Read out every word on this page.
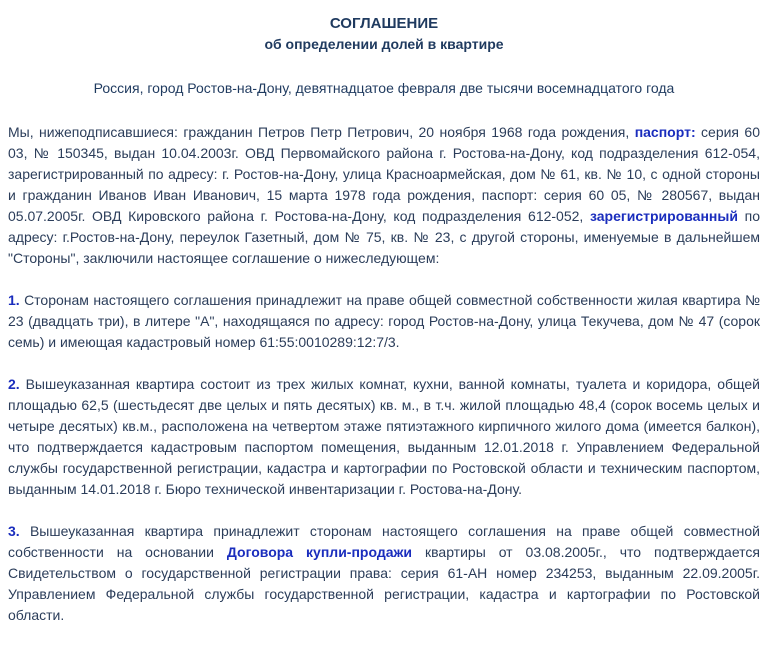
СОГЛАШЕНИЕ
об определении долей в квартире
Россия, город Ростов-на-Дону, девятнадцатое февраля две тысячи восемнадцатого года

Мы, нижеподписавшиеся: гражданин Петров Петр Петрович, 20 ноября 1968 года рождения, паспорт: серия 60 03, № 150345, выдан 10.04.2003г. ОВД Первомайского района г. Ростова-на-Дону, код подразделения 612-054, зарегистрированный по адресу: г. Ростов-на-Дону, улица Красноармейская, дом № 61, кв. № 10, с одной стороны и гражданин Иванов Иван Иванович, 15 марта 1978 года рождения, паспорт: серия 60 05, № 280567, выдан 05.07.2005г. ОВД Кировского района г. Ростова-на-Дону, код подразделения 612-052, зарегистрированный по адресу: г.Ростов-на-Дону, переулок Газетный, дом № 75, кв. № 23, с другой стороны, именуемые в дальнейшем "Стороны", заключили настоящее соглашение о нижеследующем:

1. Сторонам настоящего соглашения принадлежит на праве общей совместной собственности жилая квартира № 23 (двадцать три), в литере "А", находящаяся по адресу: город Ростов-на-Дону, улица Текучева, дом № 47 (сорок семь) и имеющая кадастровый номер 61:55:0010289:12:7/3.

2. Вышеуказанная квартира состоит из трех жилых комнат, кухни, ванной комнаты, туалета и коридора, общей площадью 62,5 (шестьдесят две целых и пять десятых) кв. м., в т.ч. жилой площадью 48,4 (сорок восемь целых и четыре десятых) кв.м., расположена на четвертом этаже пятиэтажного кирпичного жилого дома (имеется балкон), что подтверждается кадастровым паспортом помещения, выданным 12.01.2018 г. Управлением Федеральной службы государственной регистрации, кадастра и картографии по Ростовской области и техническим паспортом, выданным 14.01.2018 г. Бюро технической инвентаризации г. Ростова-на-Дону.

3. Вышеуказанная квартира принадлежит сторонам настоящего соглашения на праве общей совместной собственности на основании Договора купли-продажи квартиры от 03.08.2005г., что подтверждается Свидетельством о государственной регистрации права: серия 61-АН номер 234253, выданным 22.09.2005г. Управлением Федеральной службы государственной регистрации, кадастра и картографии по Ростовской области.
